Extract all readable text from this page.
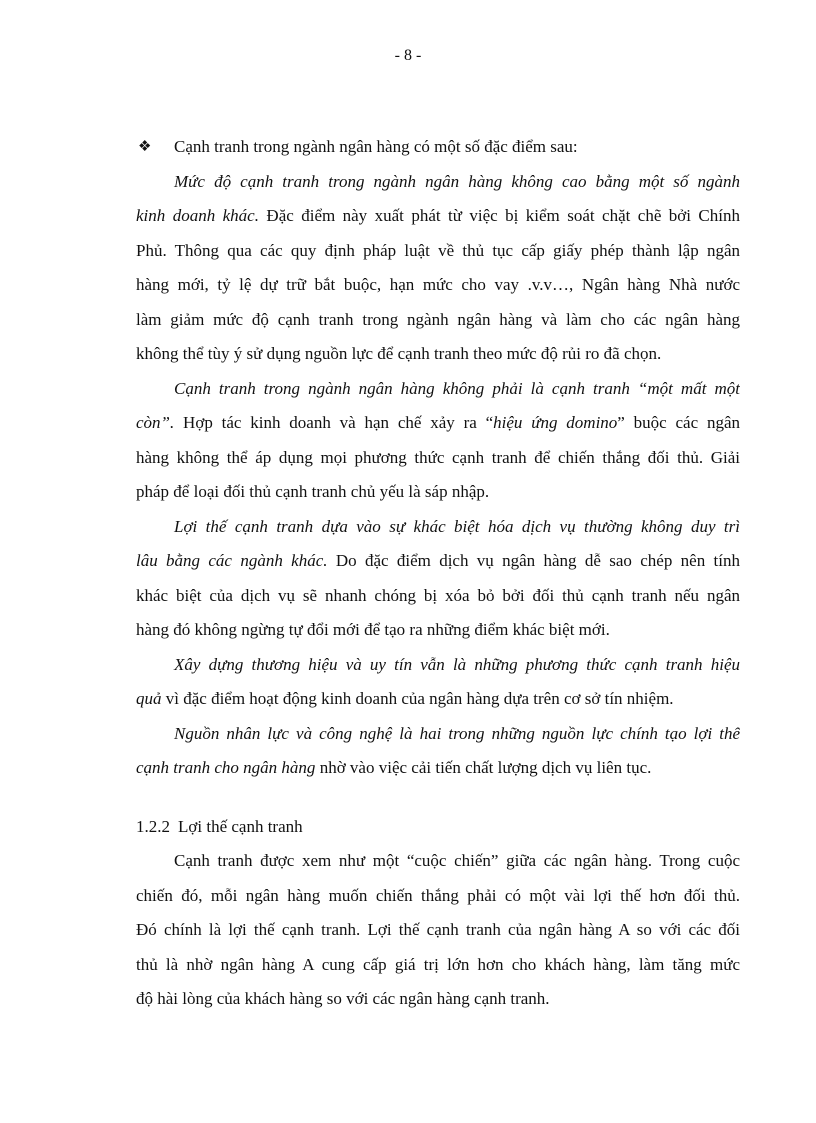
- 8 -
❖ Cạnh tranh trong ngành ngân hàng có một số đặc điểm sau:
Mức độ cạnh tranh trong ngành ngân hàng không cao bằng một số ngành
kinh doanh khác. Đặc điểm này xuất phát từ việc bị kiểm soát chặt chẽ bởi Chính
Phủ. Thông qua các quy định pháp luật về thủ tục cấp giấy phép thành lập ngân
hàng mới, tỷ lệ dự trữ bắt buộc, hạn mức cho vay .v.v…, Ngân hàng Nhà nước
làm giảm mức độ cạnh tranh trong ngành ngân hàng và làm cho các ngân hàng
không thể tùy ý sử dụng nguồn lực để cạnh tranh theo mức độ rủi ro đã chọn.
Cạnh tranh trong ngành ngân hàng không phải là cạnh tranh “một mất một
còn”. Hợp tác kinh doanh và hạn chế xảy ra “hiệu ứng domino” buộc các ngân
hàng không thể áp dụng mọi phương thức cạnh tranh để chiến thắng đối thủ. Giải
pháp để loại đối thủ cạnh tranh chủ yếu là sáp nhập.
Lợi thế cạnh tranh dựa vào sự khác biệt hóa dịch vụ thường không duy trì
lâu bằng các ngành khác. Do đặc điểm dịch vụ ngân hàng dễ sao chép nên tính
khác biệt của dịch vụ sẽ nhanh chóng bị xóa bỏ bởi đối thủ cạnh tranh nếu ngân
hàng đó không ngừng tự đổi mới để tạo ra những điểm khác biệt mới.
Xây dựng thương hiệu và uy tín vẫn là những phương thức cạnh tranh hiệu
quả vì đặc điểm hoạt động kinh doanh của ngân hàng dựa trên cơ sở tín nhiệm.
Nguồn nhân lực và công nghệ là hai trong những nguồn lực chính tạo lợi thế
cạnh tranh cho ngân hàng nhờ vào việc cải tiến chất lượng dịch vụ liên tục.
1.2.2 Lợi thế cạnh tranh
Cạnh tranh được xem như một “cuộc chiến” giữa các ngân hàng. Trong cuộc
chiến đó, mỗi ngân hàng muốn chiến thắng phải có một vài lợi thế hơn đối thủ.
Đó chính là lợi thế cạnh tranh. Lợi thế cạnh tranh của ngân hàng A so với các đối
thủ là nhờ ngân hàng A cung cấp giá trị lớn hơn cho khách hàng, làm tăng mức
độ hài lòng của khách hàng so với các ngân hàng cạnh tranh.
